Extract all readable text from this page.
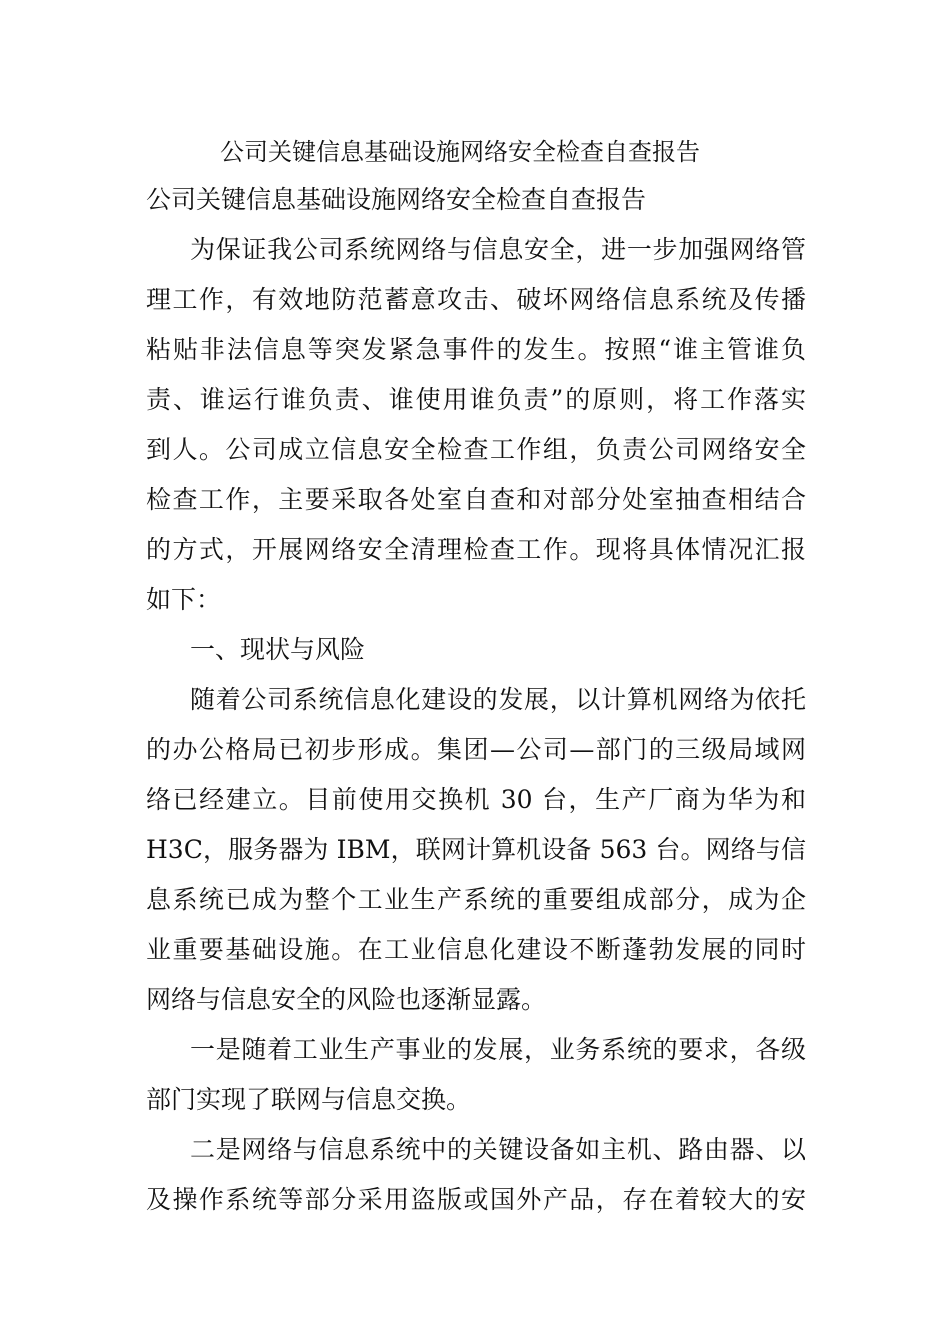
公司关键信息基础设施网络安全检查自查报告
公司关键信息基础设施网络安全检查自查报告
为保证我公司系统网络与信息安全，进一步加强网络管
理工作，有效地防范蓄意攻击、破坏网络信息系统及传播
粘贴非法信息等突发紧急事件的发生。按照“谁主管谁负
责、谁运行谁负责、谁使用谁负责”的原则，将工作落实
到人。公司成立信息安全检查工作组，负责公司网络安全
检查工作，主要采取各处室自查和对部分处室抽查相结合
的方式，开展网络安全清理检查工作。现将具体情况汇报
如下：
一、现状与风险
随着公司系统信息化建设的发展，以计算机网络为依托
的办公格局已初步形成。集团—公司—部门的三级局域网
络已经建立。目前使用交换机 30 台，生产厂商为华为和
H3C，服务器为 IBM，联网计算机设备 563 台。网络与信
息系统已成为整个工业生产系统的重要组成部分，成为企
业重要基础设施。在工业信息化建设不断蓬勃发展的同时
网络与信息安全的风险也逐渐显露。
一是随着工业生产事业的发展，业务系统的要求，各级
部门实现了联网与信息交换。
二是网络与信息系统中的关键设备如主机、路由器、以
及操作系统等部分采用盗版或国外产品，存在着较大的安
